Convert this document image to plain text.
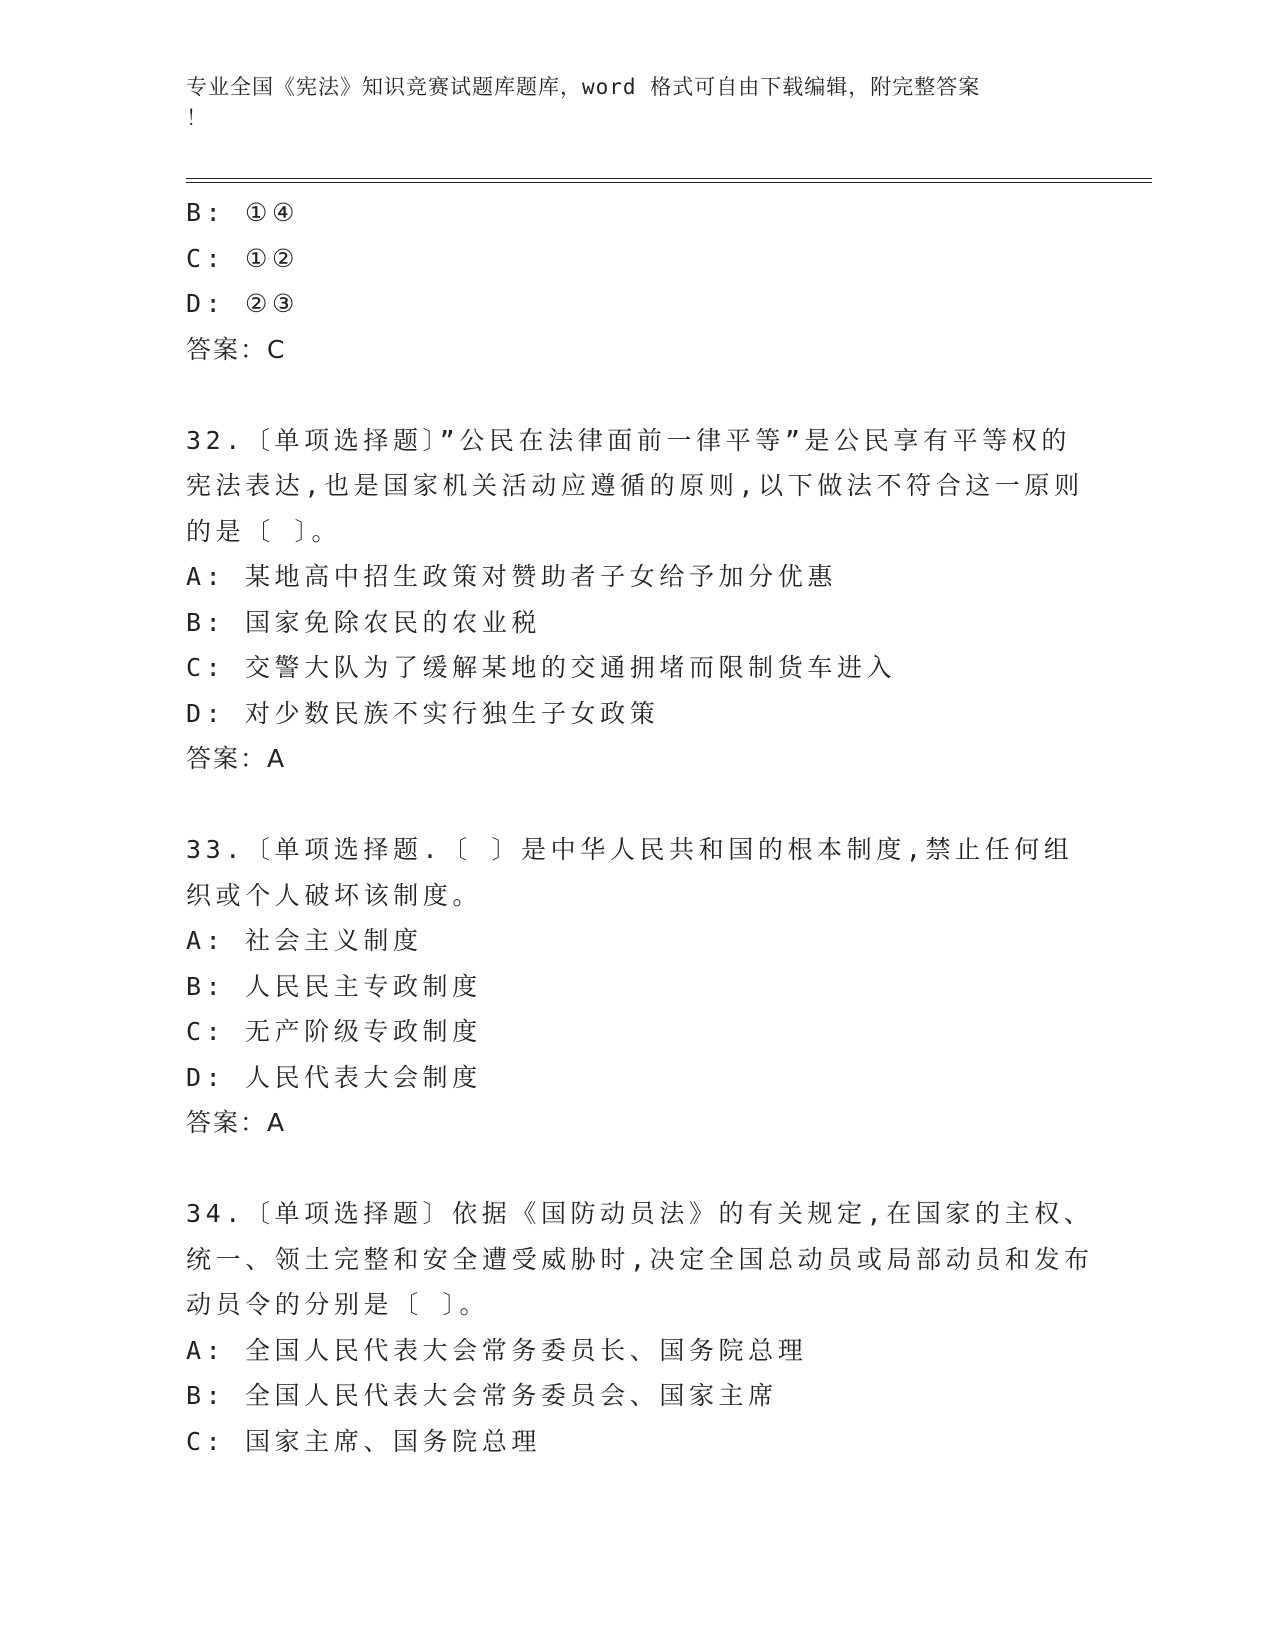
专业全国《宪法》知识竞赛试题库题库，word 格式可自由下载编辑，附完整答案
！
B: ①④
C: ①②
D: ②③
答案：C
32.〔单项选择题〕”公民在法律面前一律平等”是公民享有平等权的
宪法表达,也是国家机关活动应遵循的原则,以下做法不符合这一原则
的是〔 〕。
A: 某地高中招生政策对赞助者子女给予加分优惠
B: 国家免除农民的农业税
C: 交警大队为了缓解某地的交通拥堵而限制货车进入
D: 对少数民族不实行独生子女政策
答案：A
33.〔单项选择题.〔 〕是中华人民共和国的根本制度,禁止任何组
织或个人破坏该制度。
A: 社会主义制度
B: 人民民主专政制度
C: 无产阶级专政制度
D: 人民代表大会制度
答案：A
34.〔单项选择题〕依据《国防动员法》的有关规定,在国家的主权、
统一、领土完整和安全遭受威胁时,决定全国总动员或局部动员和发布
动员令的分别是〔 〕。
A: 全国人民代表大会常务委员长、国务院总理
B: 全国人民代表大会常务委员会、国家主席
C: 国家主席、国务院总理
